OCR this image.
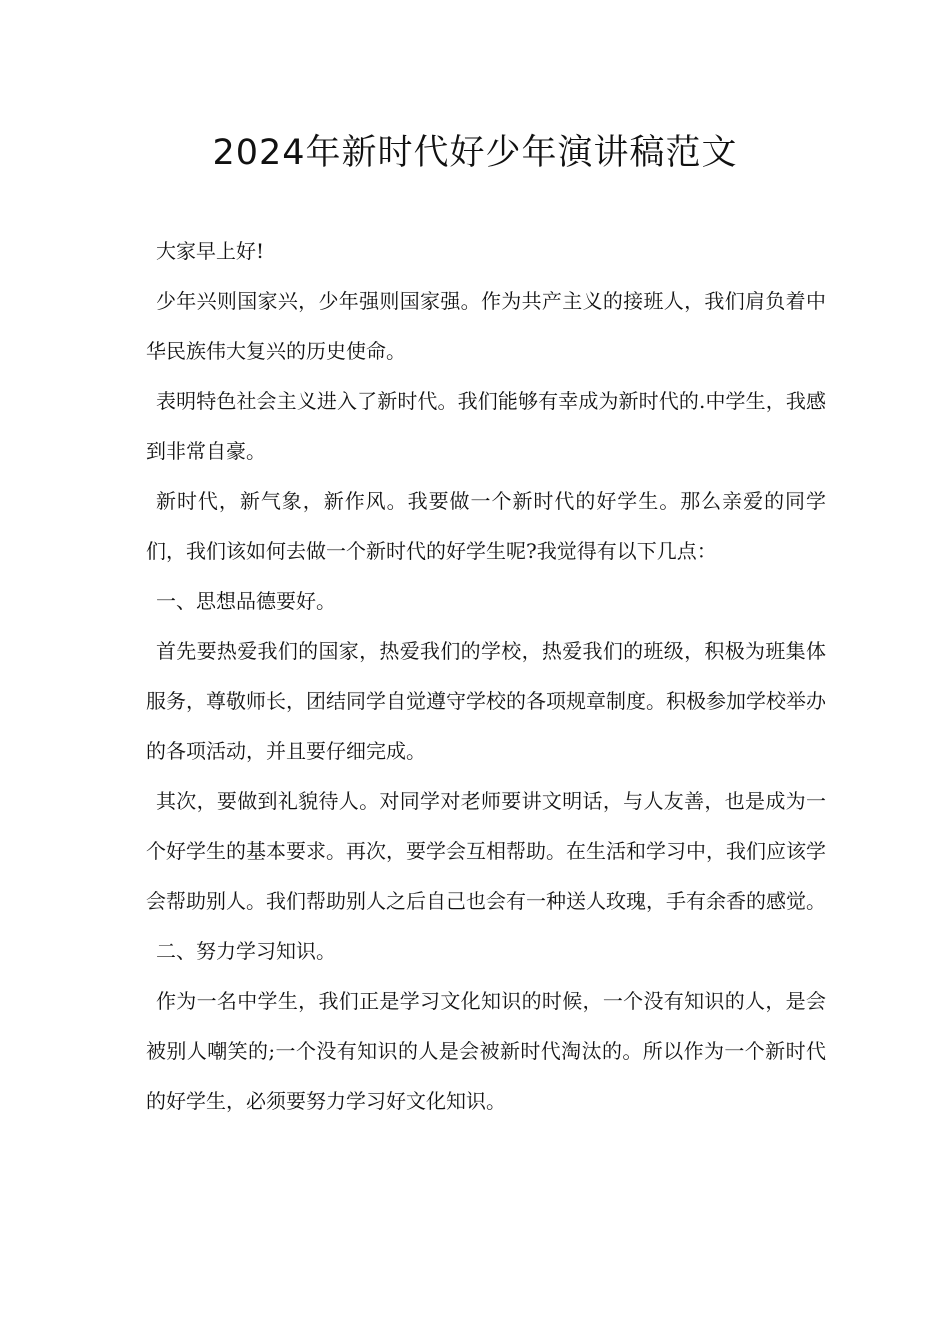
2024年新时代好少年演讲稿范文

大家早上好!

少年兴则国家兴，少年强则国家强。作为共产主义的接班人，我们肩负着中华民族伟大复兴的历史使命。

表明特色社会主义进入了新时代。我们能够有幸成为新时代的.中学生，我感到非常自豪。

新时代，新气象，新作风。我要做一个新时代的好学生。那么亲爱的同学们，我们该如何去做一个新时代的好学生呢?我觉得有以下几点：

一、思想品德要好。

首先要热爱我们的国家，热爱我们的学校，热爱我们的班级，积极为班集体服务，尊敬师长，团结同学自觉遵守学校的各项规章制度。积极参加学校举办的各项活动，并且要仔细完成。

其次，要做到礼貌待人。对同学对老师要讲文明话，与人友善，也是成为一个好学生的基本要求。再次，要学会互相帮助。在生活和学习中，我们应该学会帮助别人。我们帮助别人之后自己也会有一种送人玫瑰，手有余香的感觉。

二、努力学习知识。

作为一名中学生，我们正是学习文化知识的时候，一个没有知识的人，是会被别人嘲笑的;一个没有知识的人是会被新时代淘汰的。所以作为一个新时代的好学生，必须要努力学习好文化知识。
